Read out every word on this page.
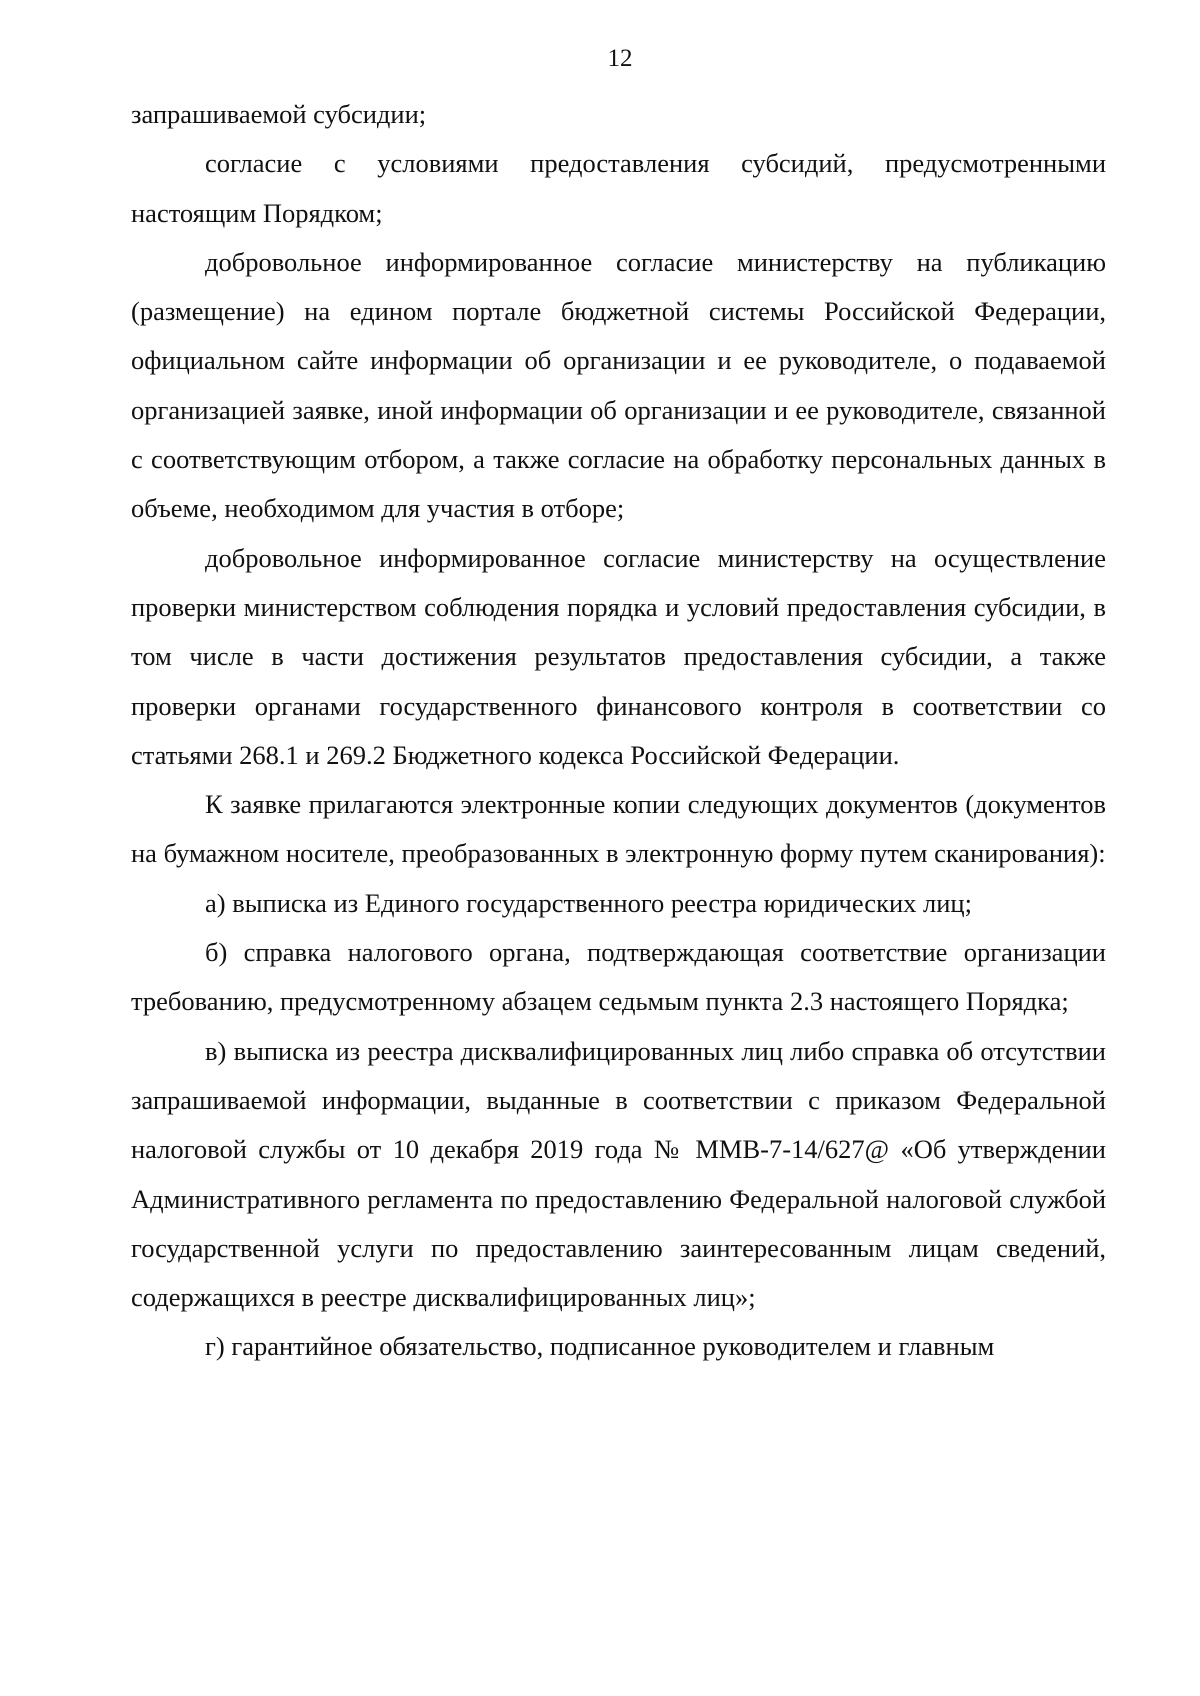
12

запрашиваемой субсидии;

согласие с условиями предоставления субсидий, предусмотренными настоящим Порядком;

добровольное информированное согласие министерству на публикацию (размещение) на едином портале бюджетной системы Российской Федерации, официальном сайте информации об организации и ее руководителе, о подаваемой организацией заявке, иной информации об организации и ее руководителе, связанной с соответствующим отбором, а также согласие на обработку персональных данных в объеме, необходимом для участия в отборе;

добровольное информированное согласие министерству на осуществление проверки министерством соблюдения порядка и условий предоставления субсидии, в том числе в части достижения результатов предоставления субсидии, а также проверки органами государственного финансового контроля в соответствии со статьями 268.1 и 269.2 Бюджетного кодекса Российской Федерации.

К заявке прилагаются электронные копии следующих документов (документов на бумажном носителе, преобразованных в электронную форму путем сканирования):

а) выписка из Единого государственного реестра юридических лиц;

б) справка налогового органа, подтверждающая соответствие организации требованию, предусмотренному абзацем седьмым пункта 2.3 настоящего Порядка;

в) выписка из реестра дисквалифицированных лиц либо справка об отсутствии запрашиваемой информации, выданные в соответствии с приказом Федеральной налоговой службы от 10 декабря 2019 года № ММВ-7-14/627@ «Об утверждении Административного регламента по предоставлению Федеральной налоговой службой государственной услуги по предоставлению заинтересованным лицам сведений, содержащихся в реестре дисквалифицированных лиц»;

г) гарантийное обязательство, подписанное руководителем и главным
